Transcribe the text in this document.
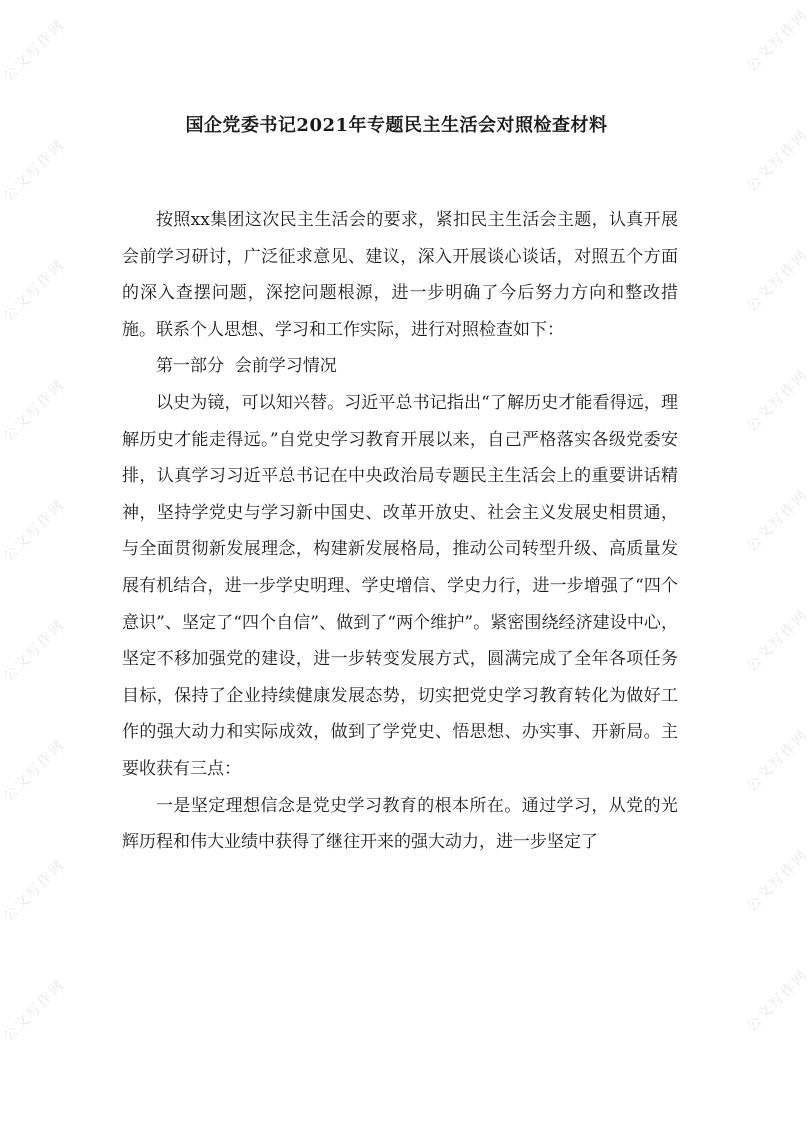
公文写作网
公文写作网
公文写作网
公文写作网
公文写作网
公文写作网
公文写作网
公文写作网
公文写作网
公文写作网
公文写作网
公文写作网
公文写作网
公文写作网
公文写作网
公文写作网
公文写作网
公文写作网
国企党委书记2021年专题民主生活会对照检查材料

按照xx集团这次民主生活会的要求，紧扣民主生活会主题，认真开展会前学习研讨，广泛征求意见、建议，深入开展谈心谈话，对照五个方面的深入查摆问题，深挖问题根源，进一步明确了今后努力方向和整改措施。联系个人思想、学习和工作实际，进行对照检查如下：

第一部分  会前学习情况

以史为镜，可以知兴替。习近平总书记指出“了解历史才能看得远，理解历史才能走得远。”自党史学习教育开展以来，自己严格落实各级党委安排，认真学习习近平总书记在中央政治局专题民主生活会上的重要讲话精神，坚持学党史与学习新中国史、改革开放史、社会主义发展史相贯通，与全面贯彻新发展理念，构建新发展格局，推动公司转型升级、高质量发展有机结合，进一步学史明理、学史增信、学史力行，进一步增强了“四个意识”、坚定了“四个自信”、做到了“两个维护”。紧密围绕经济建设中心，坚定不移加强党的建设，进一步转变发展方式，圆满完成了全年各项任务目标，保持了企业持续健康发展态势，切实把党史学习教育转化为做好工作的强大动力和实际成效，做到了学党史、悟思想、办实事、开新局。主要收获有三点：

一是坚定理想信念是党史学习教育的根本所在。通过学习，从党的光辉历程和伟大业绩中获得了继往开来的强大动力，进一步坚定了
